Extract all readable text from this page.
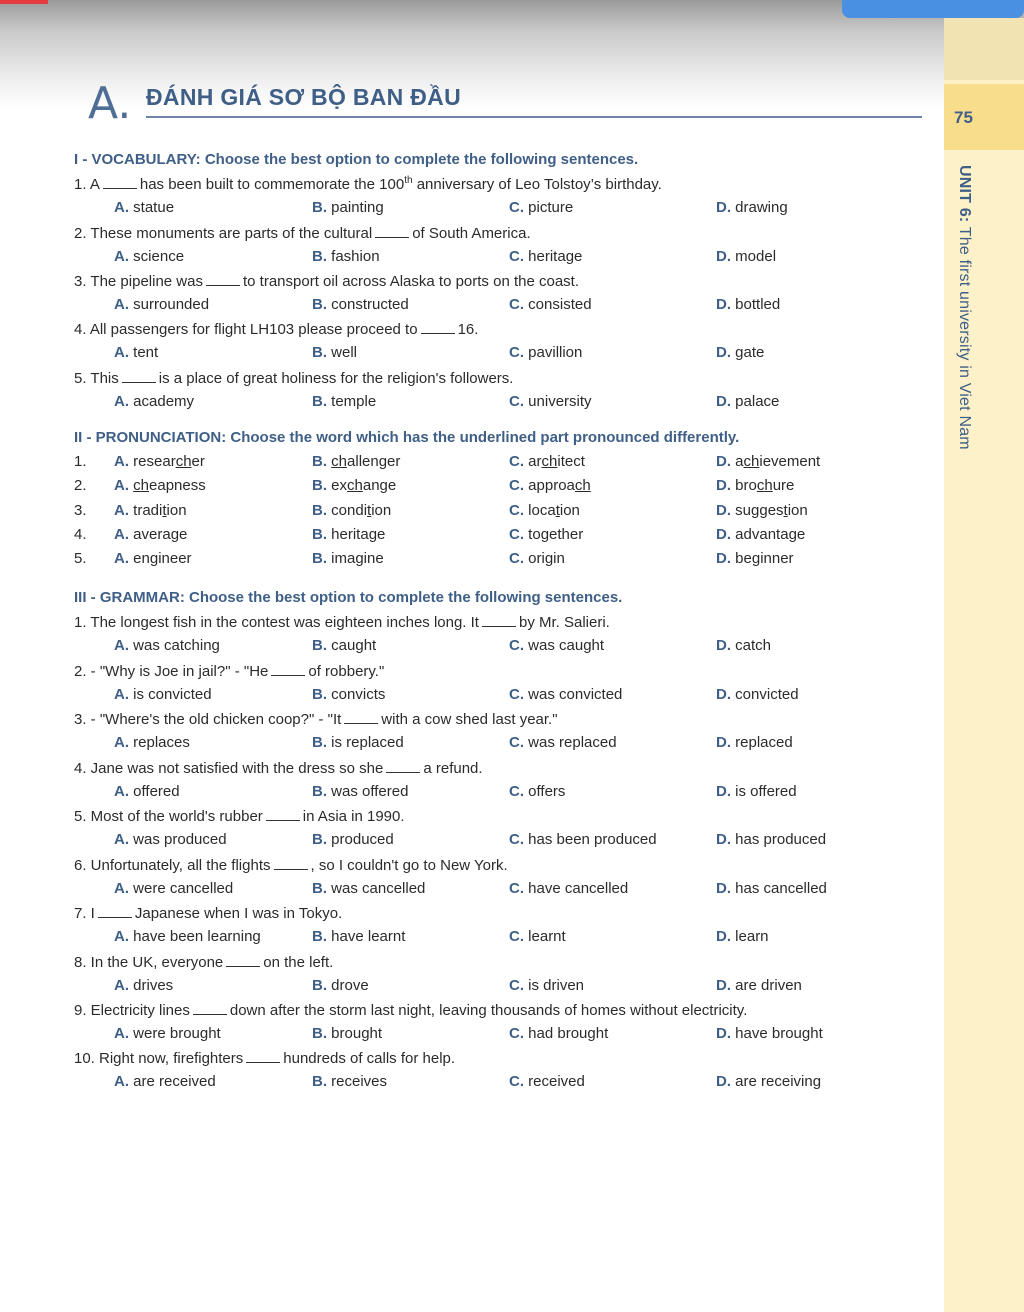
75
UNIT 6: The first university in Viet Nam
A. ĐÁNH GIÁ SƠ BỘ BAN ĐẦU
I - VOCABULARY: Choose the best option to complete the following sentences.
1. A	has been built to commemorate the 100th anniversary of Leo Tolstoy’s birthday.
A. statue	B. painting	C. picture	D. drawing
2. These monuments are parts of the cultural	of South America.
A. science	B. fashion	C. heritage	D. model
3. The pipeline was	to transport oil across Alaska to ports on the coast.
A. surrounded	B. constructed	C. consisted	D. bottled
4. All passengers for flight LH103 please proceed to	16.
A. tent	B. well	C. pavillion	D. gate
5. This	is a place of great holiness for the religion's followers.
A. academy	B. temple	C. university	D. palace
II - PRONUNCIATION: Choose the word which has the underlined part pronounced differently.
1. A. researcher	B. challenger	C. architect	D. achievement
2. A. cheapness	B. exchange	C. approach	D. brochure
3. A. tradition	B. condition	C. location	D. suggestion
4. A. average	B. heritage	C. together	D. advantage
5. A. engineer	B. imagine	C. origin	D. beginner
III - GRAMMAR: Choose the best option to complete the following sentences.
1. The longest fish in the contest was eighteen inches long. It	by Mr. Salieri.
A. was catching	B. caught	C. was caught	D. catch
2. - "Why is Joe in jail?" - "He	of robbery."
A. is convicted	B. convicts	C. was convicted	D. convicted
3. - "Where's the old chicken coop?" - "It	with a cow shed last year."
A. replaces	B. is replaced	C. was replaced	D. replaced
4. Jane was not satisfied with the dress so she	a refund.
A. offered	B. was offered	C. offers	D. is offered
5. Most of the world's rubber	in Asia in 1990.
A. was produced	B. produced	C. has been produced	D. has produced
6. Unfortunately, all the flights	, so I couldn't go to New York.
A. were cancelled	B. was cancelled	C. have cancelled	D. has cancelled
7. I	Japanese when I was in Tokyo.
A. have been learning	B. have learnt	C. learnt	D. learn
8. In the UK, everyone	on the left.
A. drives	B. drove	C. is driven	D. are driven
9. Electricity lines	down after the storm last night, leaving thousands of homes without electricity.
A. were brought	B. brought	C. had brought	D. have brought
10. Right now, firefighters	hundreds of calls for help.
A. are received	B. receives	C. received	D. are receiving
